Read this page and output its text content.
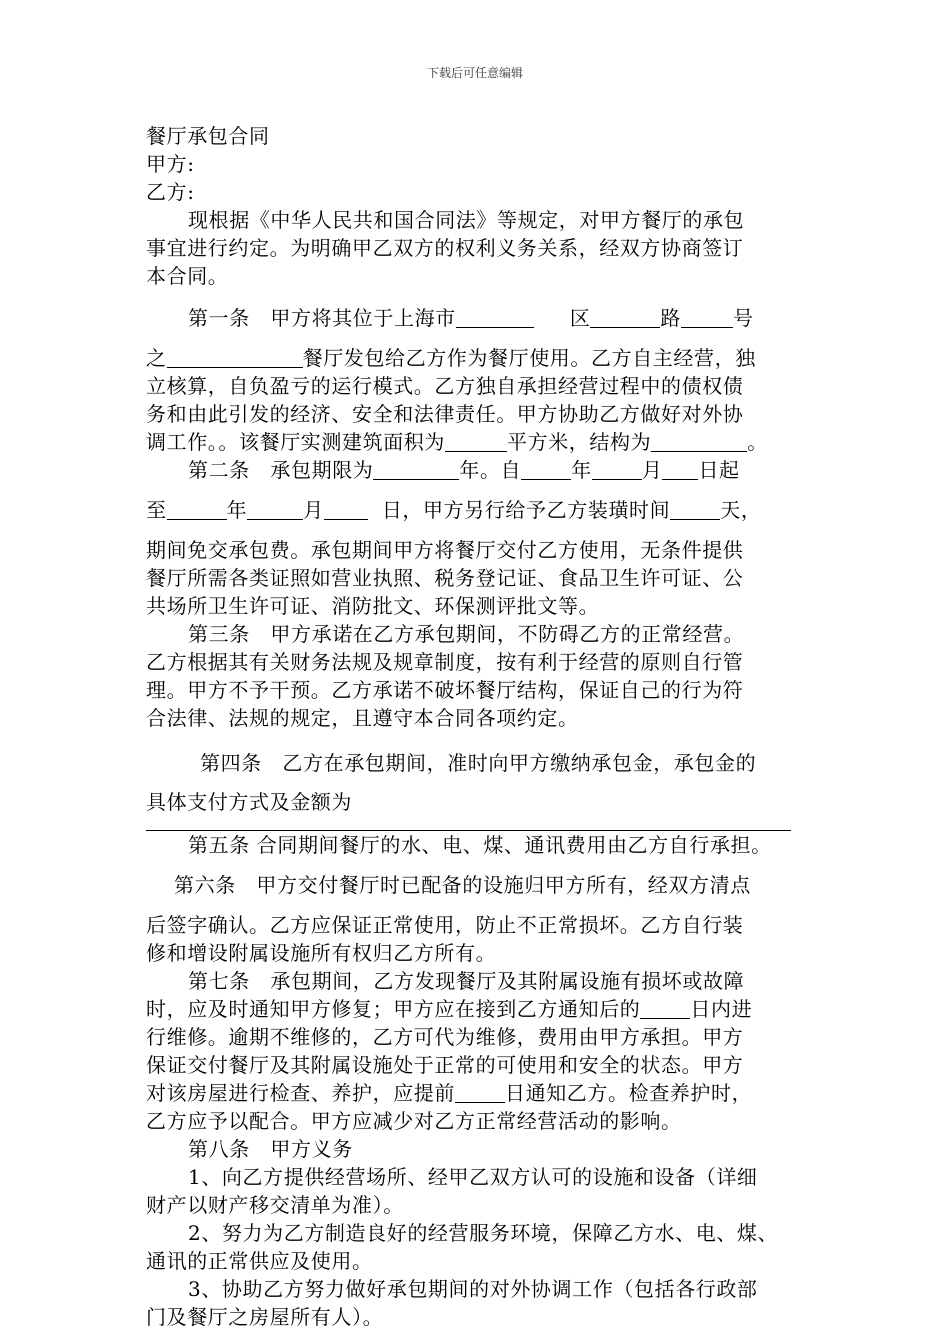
下载后可任意编辑

餐厅承包合同

甲方:

乙方:

现根据《中华人民共和国合同法》等规定，对甲方餐厅的承包

事宜进行约定。为明确甲乙双方的权利义务关系，经双方协商签订

本合同。

第一条　甲方将其位于上海市	区	路	号

之	餐厅发包给乙方作为餐厅使用。乙方自主经营，独

立核算，自负盈亏的运行模式。乙方独自承担经营过程中的债权债

务和由此引发的经济、安全和法律责任。甲方协助乙方做好对外协

调工作。。该餐厅实测建筑面积为	平方米，结构为	。

第二条　承包期限为	年。自	年	月 日起

至	年	月	日，甲方另行给予乙方装璜时间	天，

期间免交承包费。承包期间甲方将餐厅交付乙方使用，无条件提供

餐厅所需各类证照如营业执照、税务登记证、食品卫生许可证、公

共场所卫生许可证、消防批文、环保测评批文等。

第三条　甲方承诺在乙方承包期间，不防碍乙方的正常经营。

乙方根据其有关财务法规及规章制度，按有利于经营的原则自行管

理。甲方不予干预。乙方承诺不破坏餐厅结构，保证自己的行为符

合法律、法规的规定，且遵守本合同各项约定。

第四条　乙方在承包期间，准时向甲方缴纳承包金，承包金的

具体支付方式及金额为

第五条 合同期间餐厅的水、电、煤、通讯费用由乙方自行承担。

第六条　甲方交付餐厅时已配备的设施归甲方所有，经双方清点

后签字确认。乙方应保证正常使用，防止不正常损坏。乙方自行装

修和增设附属设施所有权归乙方所有。

第七条　承包期间，乙方发现餐厅及其附属设施有损坏或故障

时，应及时通知甲方修复；甲方应在接到乙方通知后的	日内进

行维修。逾期不维修的，乙方可代为维修，费用由甲方承担。甲方

保证交付餐厅及其附属设施处于正常的可使用和安全的状态。甲方

对该房屋进行检查、养护，应提前	日通知乙方。检查养护时，

乙方应予以配合。甲方应减少对乙方正常经营活动的影响。

第八条　甲方义务

1、向乙方提供经营场所、经甲乙双方认可的设施和设备（详细

财产以财产移交清单为准）。

2、努力为乙方制造良好的经营服务环境，保障乙方水、电、煤、

通讯的正常供应及使用。

3、协助乙方努力做好承包期间的对外协调工作（包括各行政部

门及餐厅之房屋所有人）。
